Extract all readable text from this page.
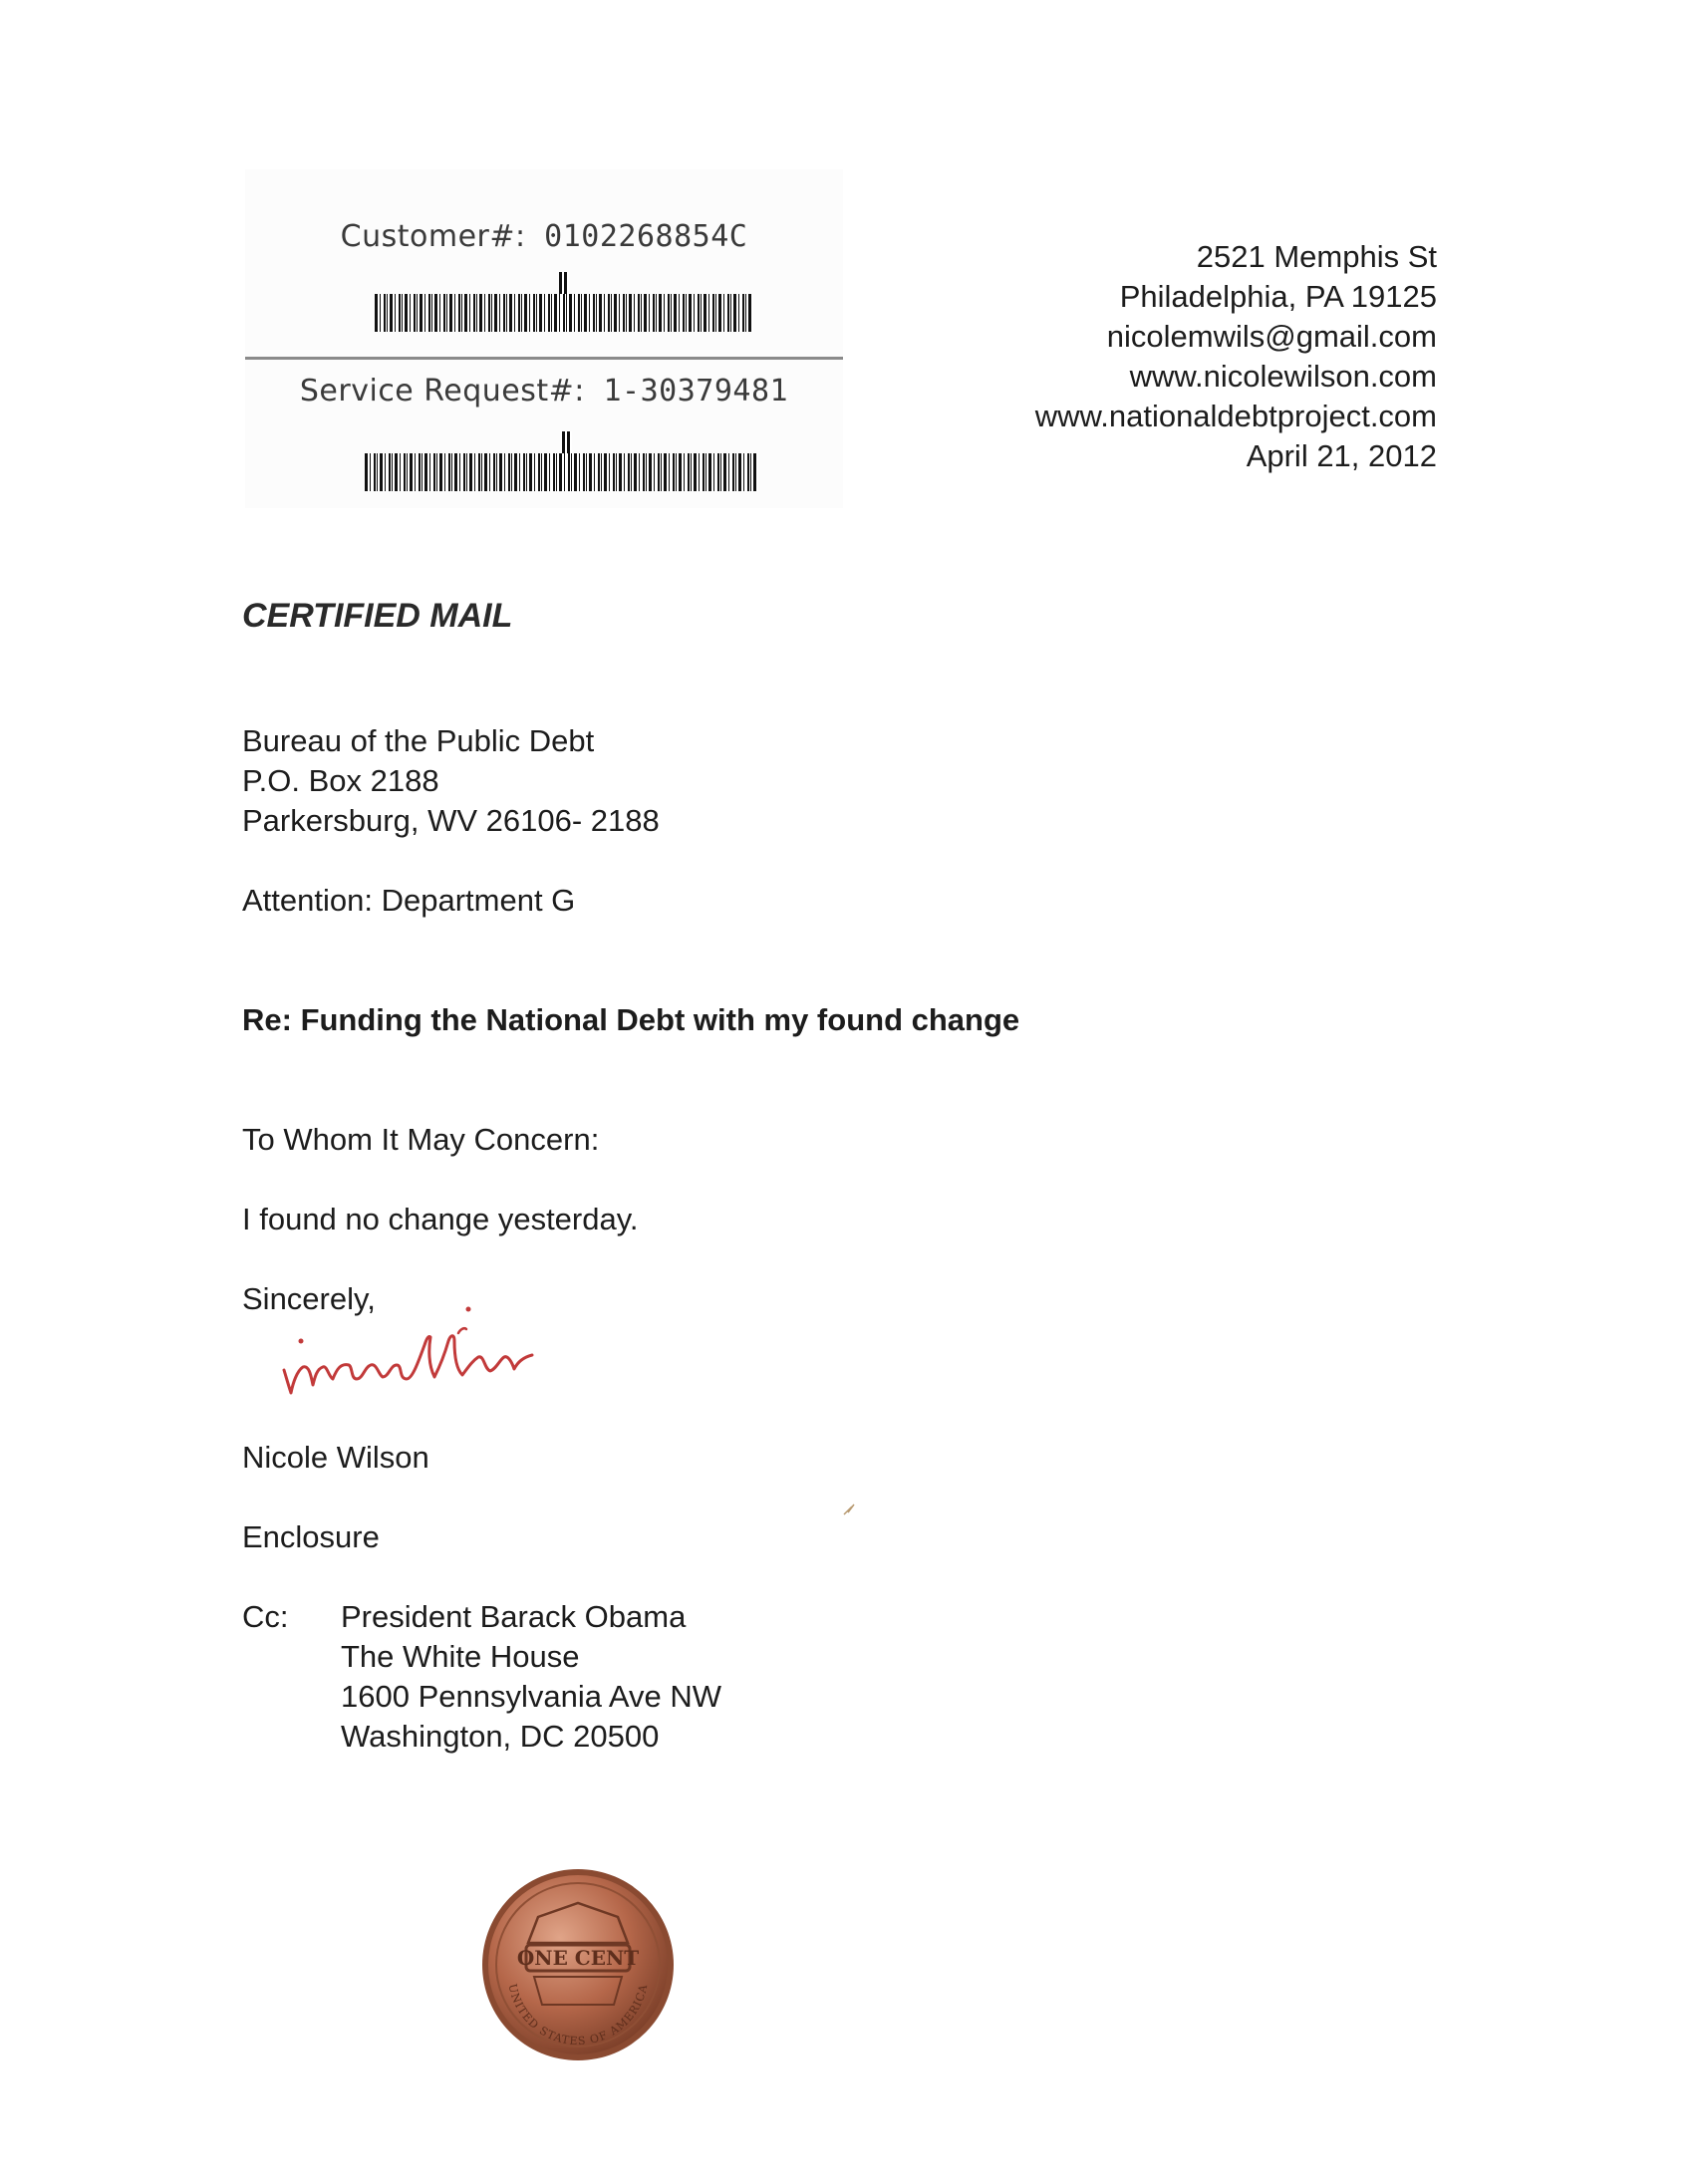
Customer#: 0102268854C
Service Request#: 1-30379481
2521 Memphis St
Philadelphia, PA 19125
nicolemwils@gmail.com
www.nicolewilson.com
www.nationaldebtproject.com
April 21, 2012
CERTIFIED MAIL
Bureau of the Public Debt
P.O. Box 2188
Parkersburg, WV 26106- 2188
Attention: Department G
Re: Funding the National Debt with my found change
To Whom It May Concern:
I found no change yesterday.
Sincerely,
Nicole Wilson
Enclosure
Cc: President Barack Obama
The White House
1600 Pennsylvania Ave NW
Washington, DC 20500
ONE CENT
UNITED STATES OF AMERICA
